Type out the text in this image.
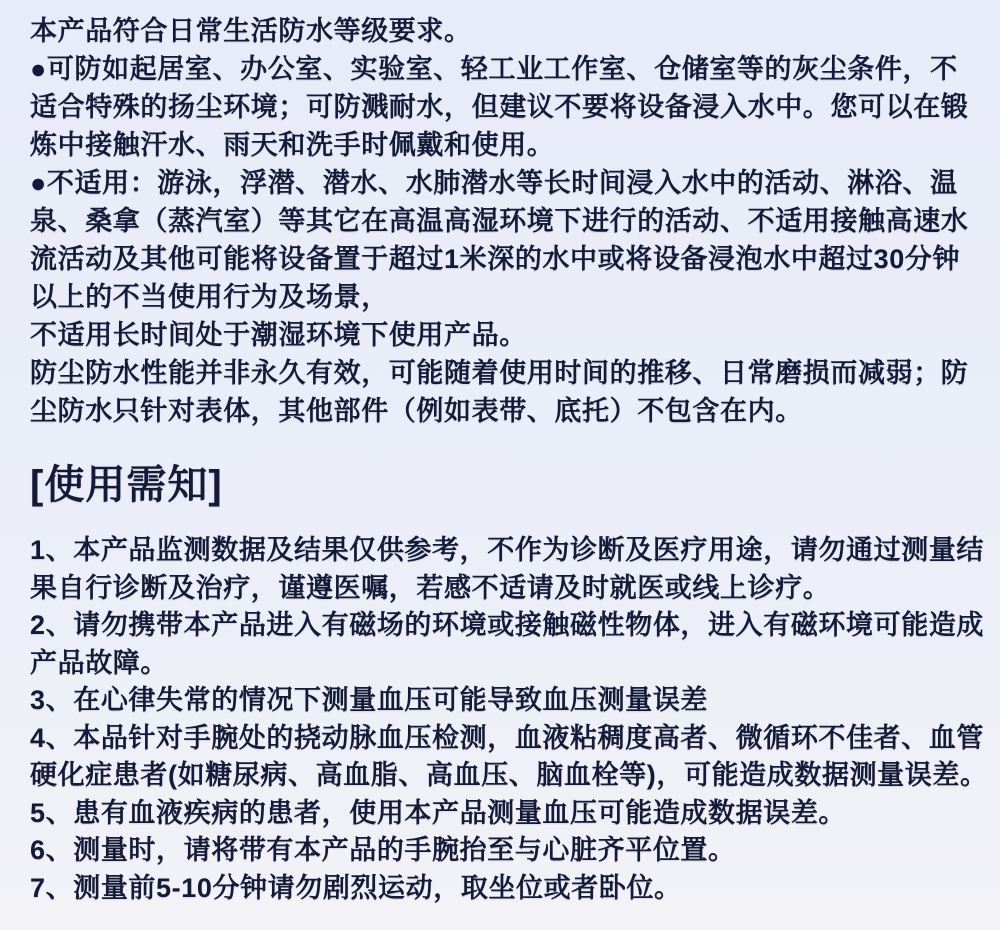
本产品符合日常生活防水等级要求。
●可防如起居室、办公室、实验室、轻工业工作室、仓储室等的灰尘条件，不
适合特殊的扬尘环境；可防溅耐水，但建议不要将设备浸入水中。您可以在锻
炼中接触汗水、雨天和洗手时佩戴和使用。
●不适用：游泳，浮潜、潜水、水肺潜水等长时间浸入水中的活动、淋浴、温
泉、桑拿（蒸汽室）等其它在高温高湿环境下进行的活动、不适用接触高速水
流活动及其他可能将设备置于超过1米深的水中或将设备浸泡水中超过30分钟
以上的不当使用行为及场景，
不适用长时间处于潮湿环境下使用产品。
防尘防水性能并非永久有效，可能随着使用时间的推移、日常磨损而减弱；防
尘防水只针对表体，其他部件（例如表带、底托）不包含在内。
[使用需知]
1、本产品监测数据及结果仅供参考，不作为诊断及医疗用途，请勿通过测量结
果自行诊断及治疗，谨遵医嘱，若感不适请及时就医或线上诊疗。
2、请勿携带本产品进入有磁场的环境或接触磁性物体，进入有磁环境可能造成
产品故障。
3、在心律失常的情况下测量血压可能导致血压测量误差
4、本品针对手腕处的挠动脉血压检测，血液粘稠度高者、微循环不佳者、血管
硬化症患者(如糖尿病、高血脂、高血压、脑血栓等)，可能造成数据测量误差。
5、患有血液疾病的患者，使用本产品测量血压可能造成数据误差。
6、测量时，请将带有本产品的手腕抬至与心脏齐平位置。
7、测量前5-10分钟请勿剧烈运动，取坐位或者卧位。
